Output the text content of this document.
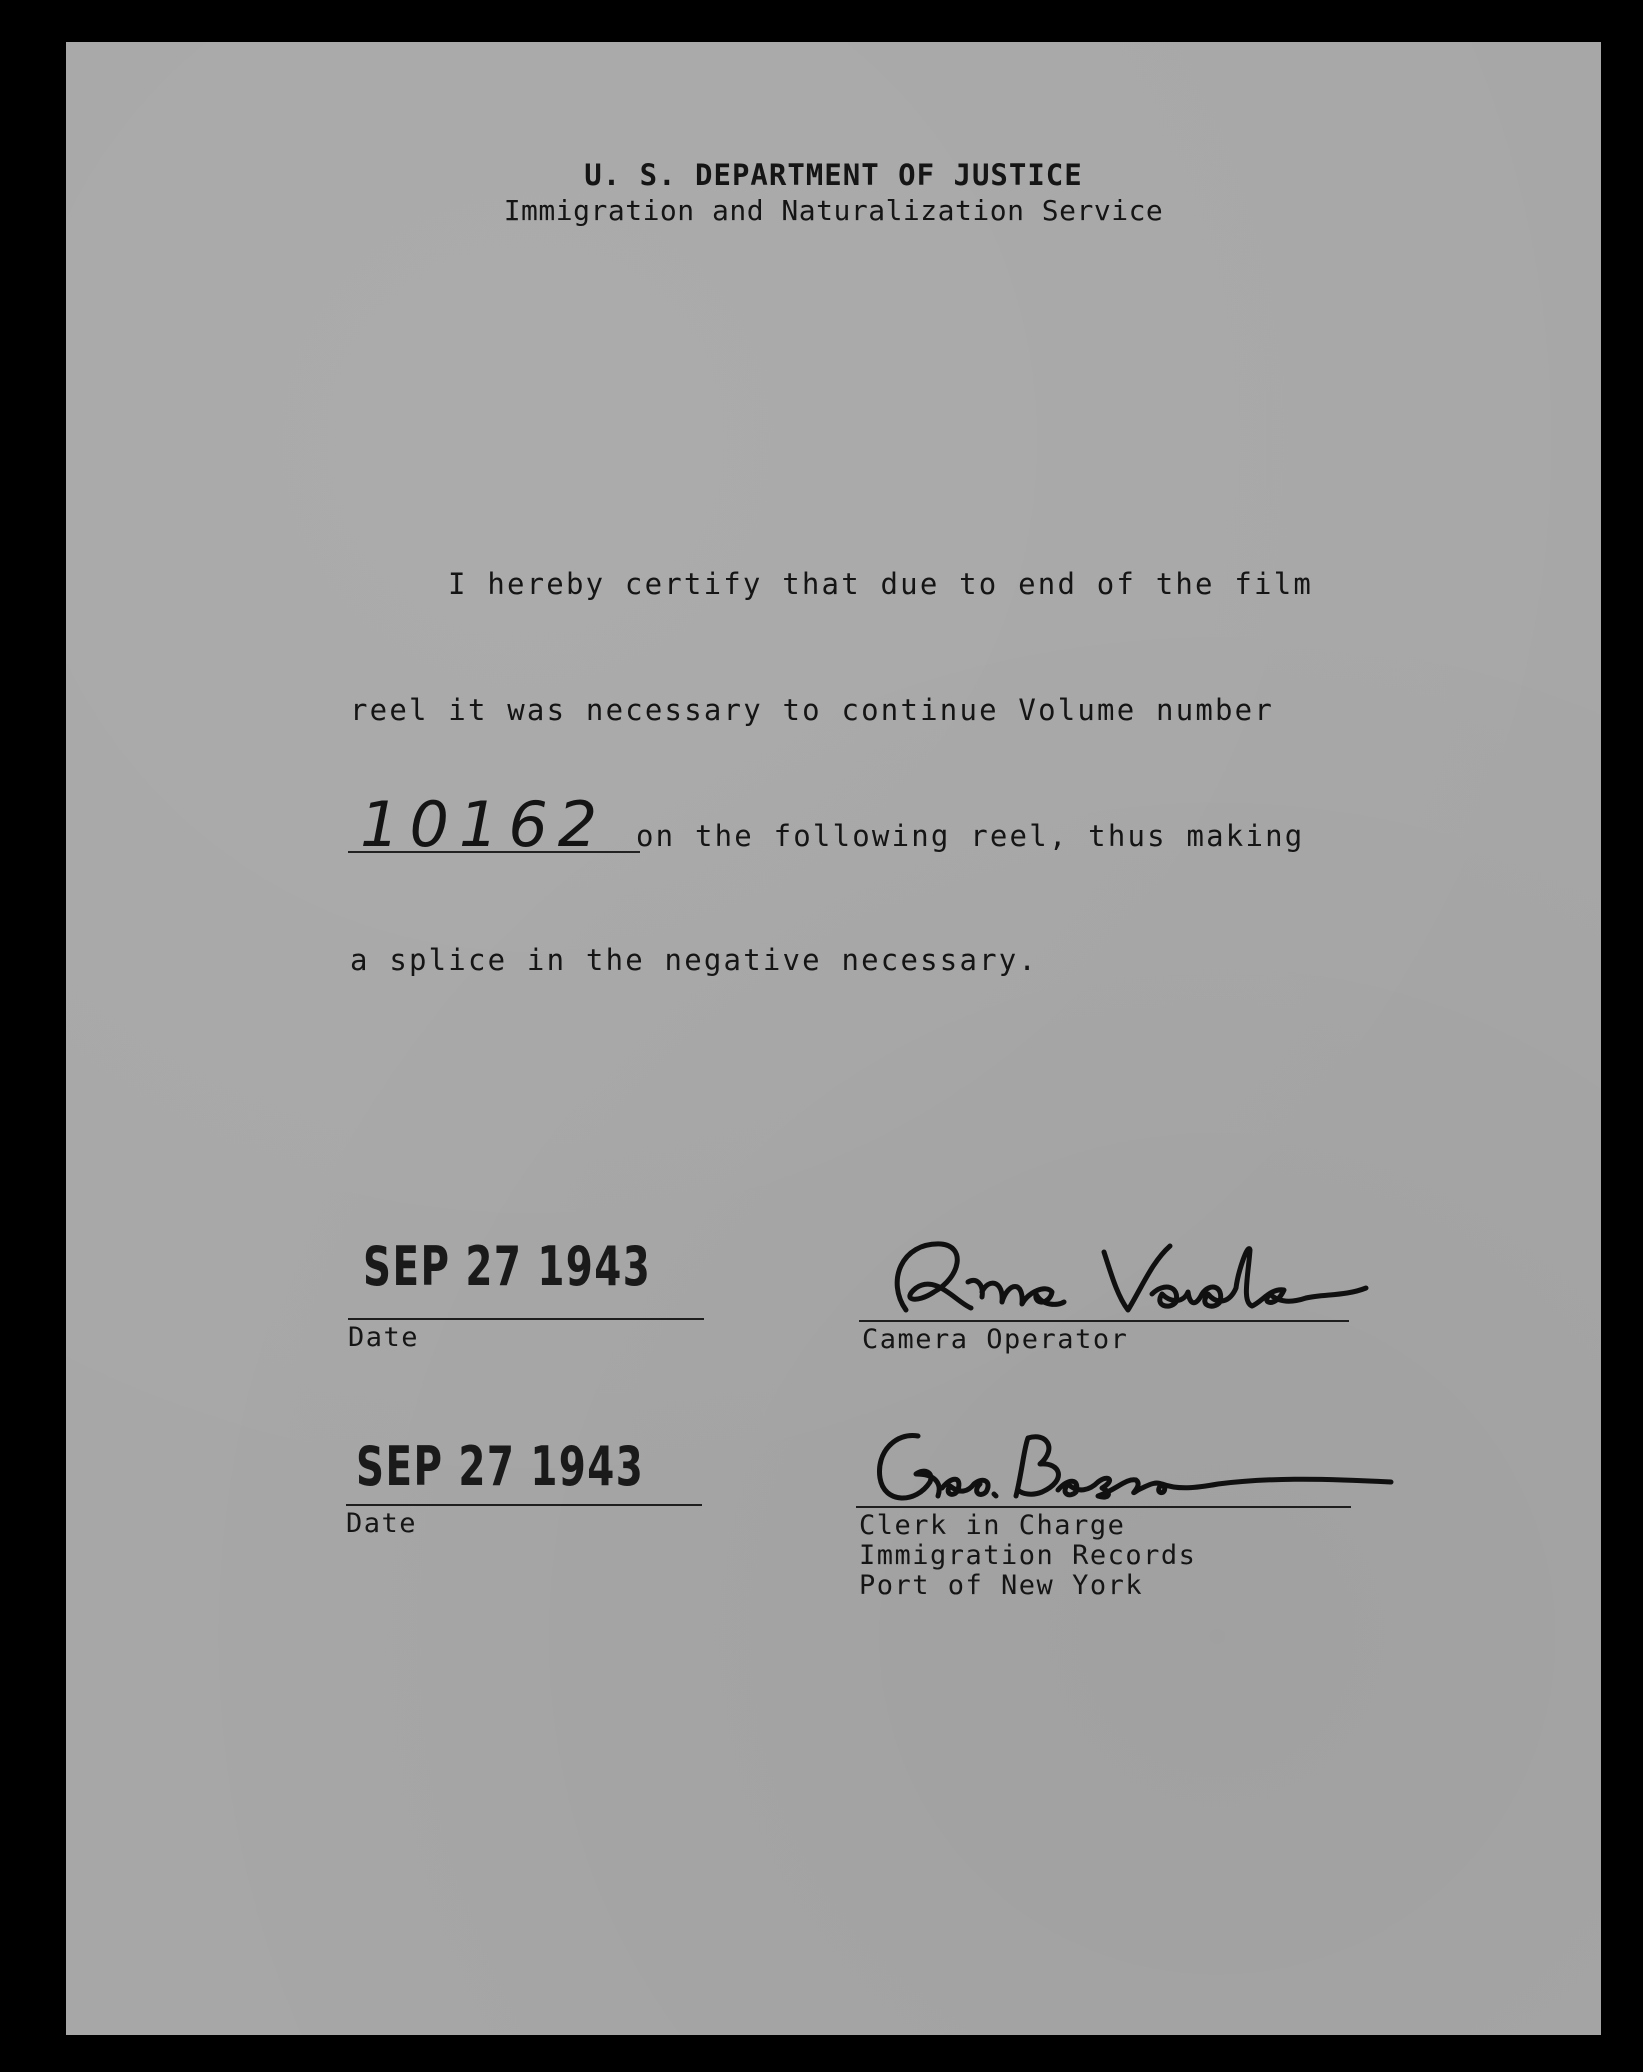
U. S. DEPARTMENT OF JUSTICE
Immigration and Naturalization Service
I hereby certify that due to end of the film
reel it was necessary to continue Volume number
10162 on the following reel, thus making
a splice in the negative necessary.
SEP 27 1943
Date	Camera Operator
SEP 27 1943
Date	Clerk in Charge
Immigration Records
Port of New York
